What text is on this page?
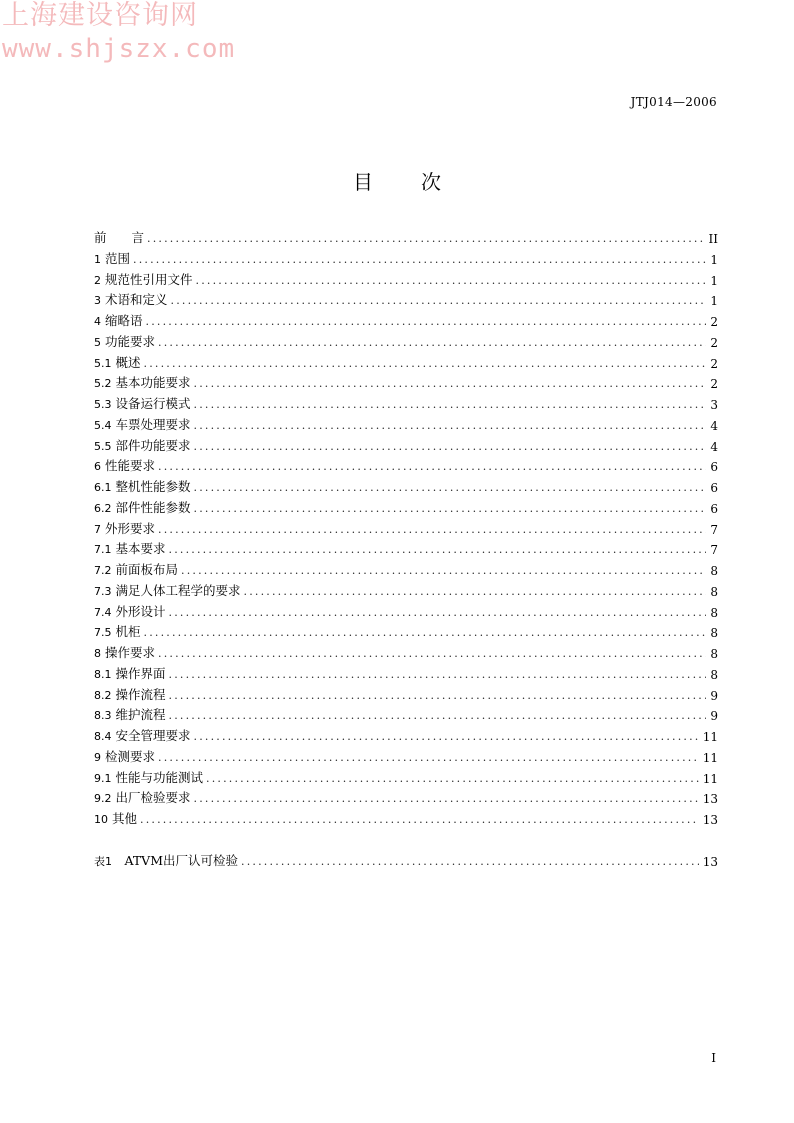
上海建设咨询网
www.shjszx.com
JTJ014—2006
目次
前　　言 .....	II
1 范围 .....	1
2 规范性引用文件 .....	1
3 术语和定义 .....	1
4 缩略语 .....	2
5 功能要求 .....	2
5.1 概述 .....	2
5.2 基本功能要求 .....	2
5.3 设备运行模式 .....	3
5.4 车票处理要求 .....	4
5.5 部件功能要求 .....	4
6 性能要求 .....	6
6.1 整机性能参数 .....	6
6.2 部件性能参数 .....	6
7 外形要求 .....	7
7.1 基本要求 .....	7
7.2 前面板布局 .....	8
7.3 满足人体工程学的要求 .....	8
7.4 外形设计 .....	8
7.5 机柜 .....	8
8 操作要求 .....	8
8.1 操作界面 .....	8
8.2 操作流程 .....	9
8.3 维护流程 .....	9
8.4 安全管理要求 .....	11
9 检测要求 .....	11
9.1 性能与功能测试 .....	11
9.2 出厂检验要求 .....	13
10 其他 .....	13
表1  ATVM出厂认可检验 .....	13
I
